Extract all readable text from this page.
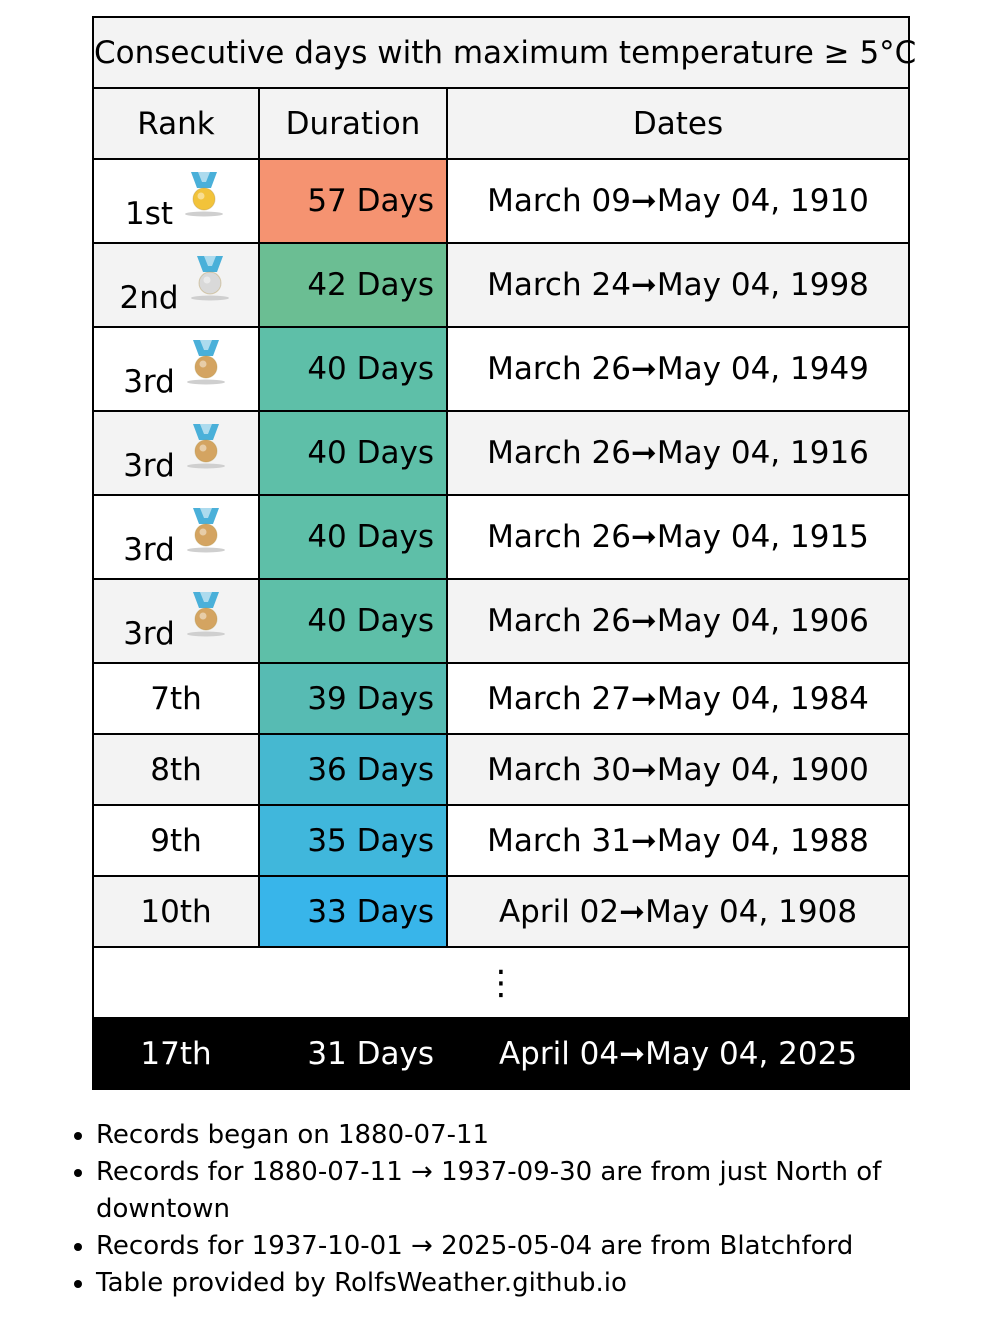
Consecutive days with maximum temperature ≥ 5°C		
Rank	Duration	Dates
1st	57 Days	March 09➞May 04, 1910
2nd	42 Days	March 24➞May 04, 1998
3rd	40 Days	March 26➞May 04, 1949
3rd	40 Days	March 26➞May 04, 1916
3rd	40 Days	March 26➞May 04, 1915
3rd	40 Days	March 26➞May 04, 1906
7th	39 Days	March 27➞May 04, 1984
8th	36 Days	March 30➞May 04, 1900
9th	35 Days	March 31➞May 04, 1988
10th	33 Days	April 02➞May 04, 1908
⋮		
17th	31 Days	April 04➞May 04, 2025
• Records began on 1880-07-11
• Records for 1880-07-11 → 1937-09-30 are from just North of downtown
• Records for 1937-10-01 → 2025-05-04 are from Blatchford
• Table provided by RolfsWeather.github.io
